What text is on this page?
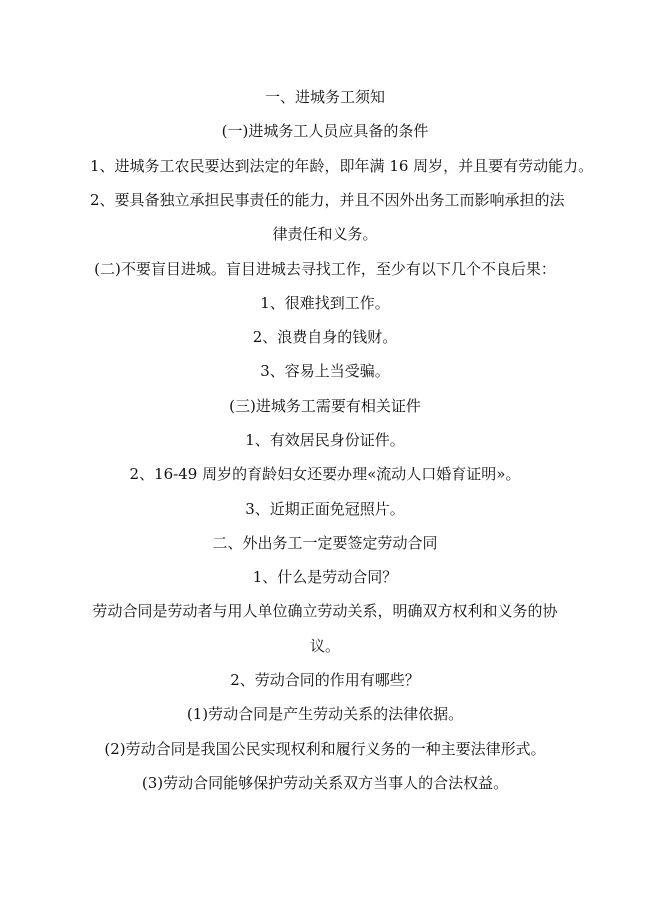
一、进城务工须知
(一)进城务工人员应具备的条件
1、进城务工农民要达到法定的年龄，即年满 16 周岁，并且要有劳动能力。
2、要具备独立承担民事责任的能力，并且不因外出务工而影响承担的法
律责任和义务。
(二)不要盲目进城。盲目进城去寻找工作，至少有以下几个不良后果：
1、很难找到工作。
2、浪费自身的钱财。
3、容易上当受骗。
(三)进城务工需要有相关证件
1、有效居民身份证件。
2、16-49 周岁的育龄妇女还要办理«流动人口婚育证明»。
3、近期正面免冠照片。
二、外出务工一定要签定劳动合同
1、什么是劳动合同？
劳动合同是劳动者与用人单位确立劳动关系，明确双方权利和义务的协
议。
2、劳动合同的作用有哪些？
(1)劳动合同是产生劳动关系的法律依据。
(2)劳动合同是我国公民实现权利和履行义务的一种主要法律形式。
(3)劳动合同能够保护劳动关系双方当事人的合法权益。
